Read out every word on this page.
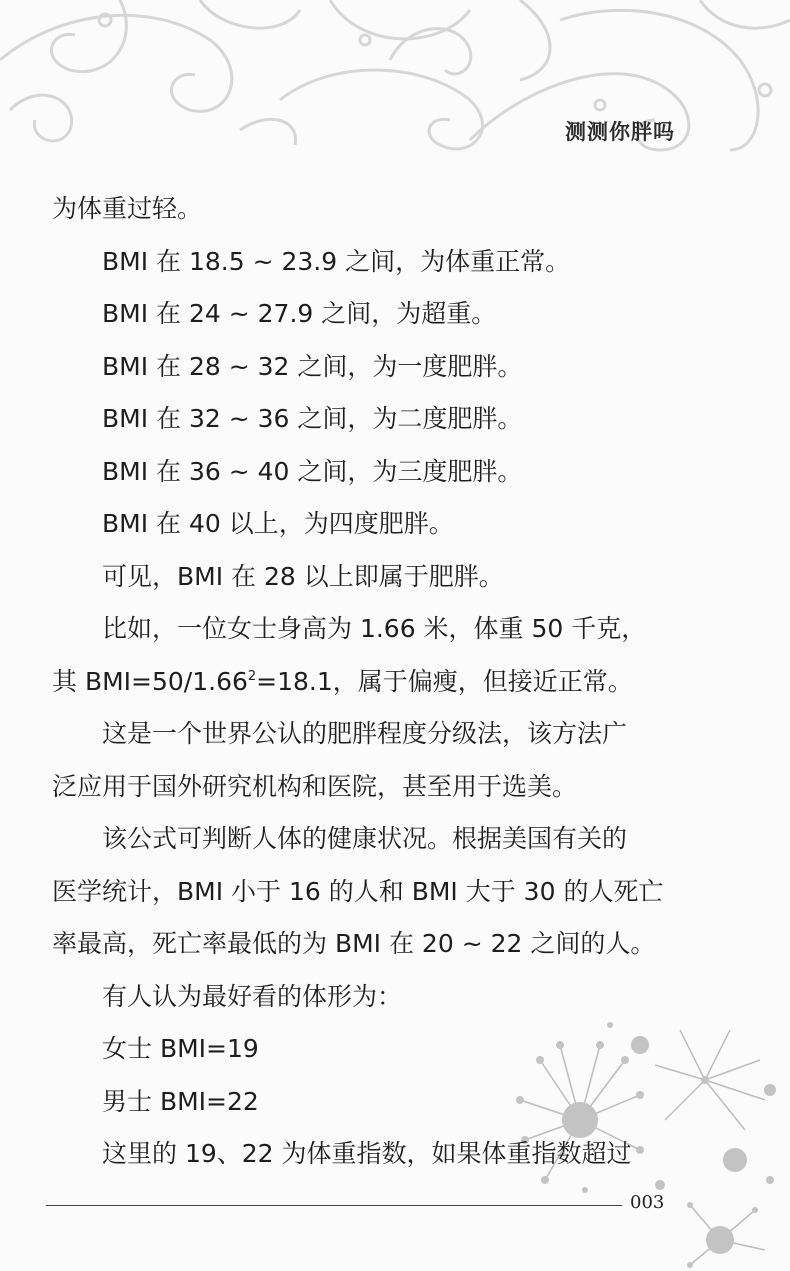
测测你胖吗

为体重过轻。

BMI 在 18.5 ~ 23.9 之间，为体重正常。

BMI 在 24 ~ 27.9 之间，为超重。

BMI 在 28 ~ 32 之间，为一度肥胖。

BMI 在 32 ~ 36 之间，为二度肥胖。

BMI 在 36 ~ 40 之间，为三度肥胖。

BMI 在 40 以上，为四度肥胖。

可见，BMI 在 28 以上即属于肥胖。

比如，一位女士身高为 1.66 米，体重 50 千克，

其 $BMI=50/1.66^2=18.1$，属于偏瘦，但接近正常。

这是一个世界公认的肥胖程度分级法，该方法广

泛应用于国外研究机构和医院，甚至用于选美。

该公式可判断人体的健康状况。根据美国有关的

医学统计，BMI 小于 16 的人和 BMI 大于 30 的人死亡

率最高，死亡率最低的为 BMI 在 20 ~ 22 之间的人。

有人认为最好看的体形为：

女士 BMI=19

男士 BMI=22

这里的 19、22 为体重指数，如果体重指数超过

003
